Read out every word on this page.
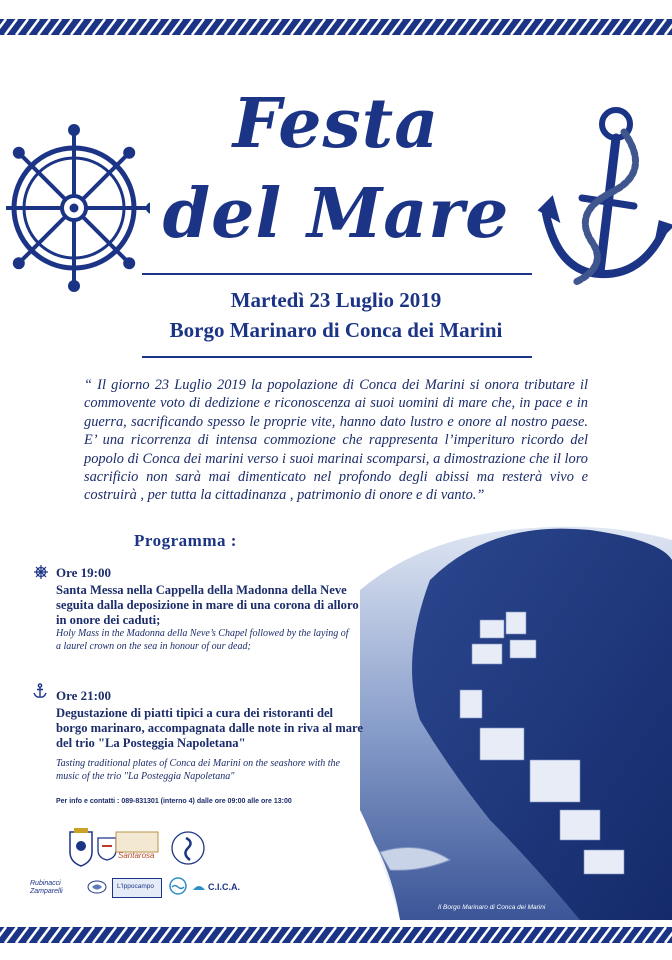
Festa
del Mare
Martedì 23 Luglio 2019
Borgo Marinaro di Conca dei Marini
“ Il giorno 23 Luglio 2019 la popolazione di Conca dei Marini si onora tributare il commovente voto di dedizione e riconoscenza ai suoi uomini di mare che, in pace e in guerra, sacrificando spesso le proprie vite, hanno dato lustro e onore al nostro paese. E’ una ricorrenza di intensa commozione che rappresenta l’imperituro ricordo del popolo di Conca dei marini verso i suoi marinai scomparsi, a dimostrazione che il loro sacrificio non sarà mai dimenticato nel profondo degli abissi ma resterà vivo e costruirà , per tutta la cittadinanza , patrimonio di onore e di vanto.”
Il Borgo Marinaro di Conca dei Marini
Programma :
Ore 19:00
Santa Messa nella Cappella della Madonna della Neve seguita dalla deposizione in mare di una corona di alloro in onore dei caduti;
Holy Mass in the Madonna della Neve’s Chapel followed by the laying of a laurel crown on the sea in honour of our dead;
Ore 21:00
Degustazione di piatti tipici a cura dei ristoranti del borgo marinaro, accompagnata dalle note in riva al mare del trio "La Posteggia Napoletana"
Tasting traditional plates of Conca dei Marini on the seashore with the music of the trio "La Posteggia Napoletana"
Per info e contatti : 089-831301 (interno 4) dalle ore 09:00 alle ore 13:00
Santarosa
Rubinacci Zamparelli
L'Ippocampo	C.I.C.A.
